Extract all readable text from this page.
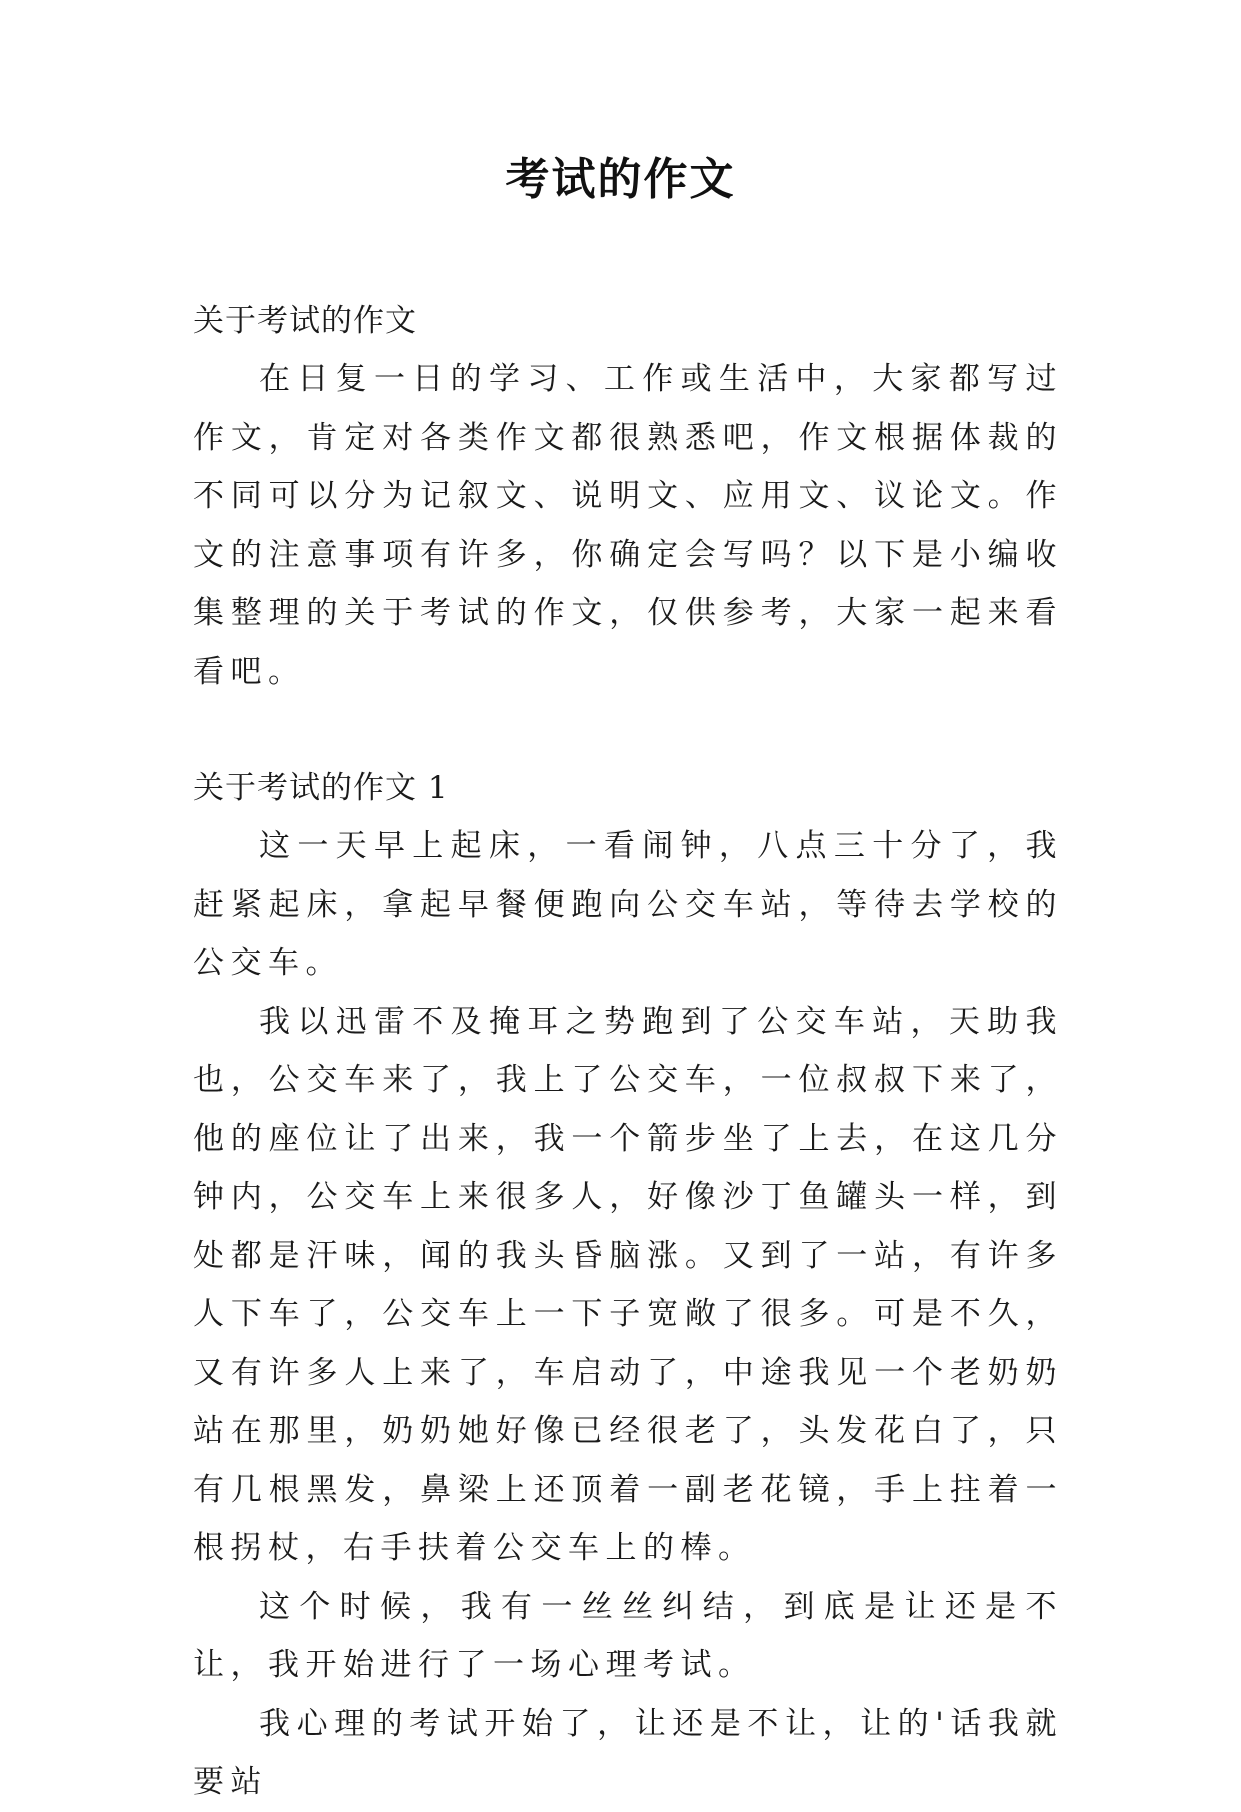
考试的作文

关于考试的作文

在日复一日的学习、工作或生活中，大家都写过作文，肯定对各类作文都很熟悉吧，作文根据体裁的不同可以分为记叙文、说明文、应用文、议论文。作文的注意事项有许多，你确定会写吗？以下是小编收集整理的关于考试的作文，仅供参考，大家一起来看看吧。

关于考试的作文 1

这一天早上起床，一看闹钟，八点三十分了，我赶紧起床，拿起早餐便跑向公交车站，等待去学校的公交车。

我以迅雷不及掩耳之势跑到了公交车站，天助我也，公交车来了，我上了公交车，一位叔叔下来了，他的座位让了出来，我一个箭步坐了上去，在这几分钟内，公交车上来很多人，好像沙丁鱼罐头一样，到处都是汗味，闻的我头昏脑涨。又到了一站，有许多人下车了，公交车上一下子宽敞了很多。可是不久，又有许多人上来了，车启动了，中途我见一个老奶奶站在那里，奶奶她好像已经很老了，头发花白了，只有几根黑发，鼻梁上还顶着一副老花镜，手上拄着一根拐杖，右手扶着公交车上的棒。

这个时候，我有一丝丝纠结，到底是让还是不让，我开始进行了一场心理考试。

我心理的考试开始了，让还是不让，让的'话我就要站
